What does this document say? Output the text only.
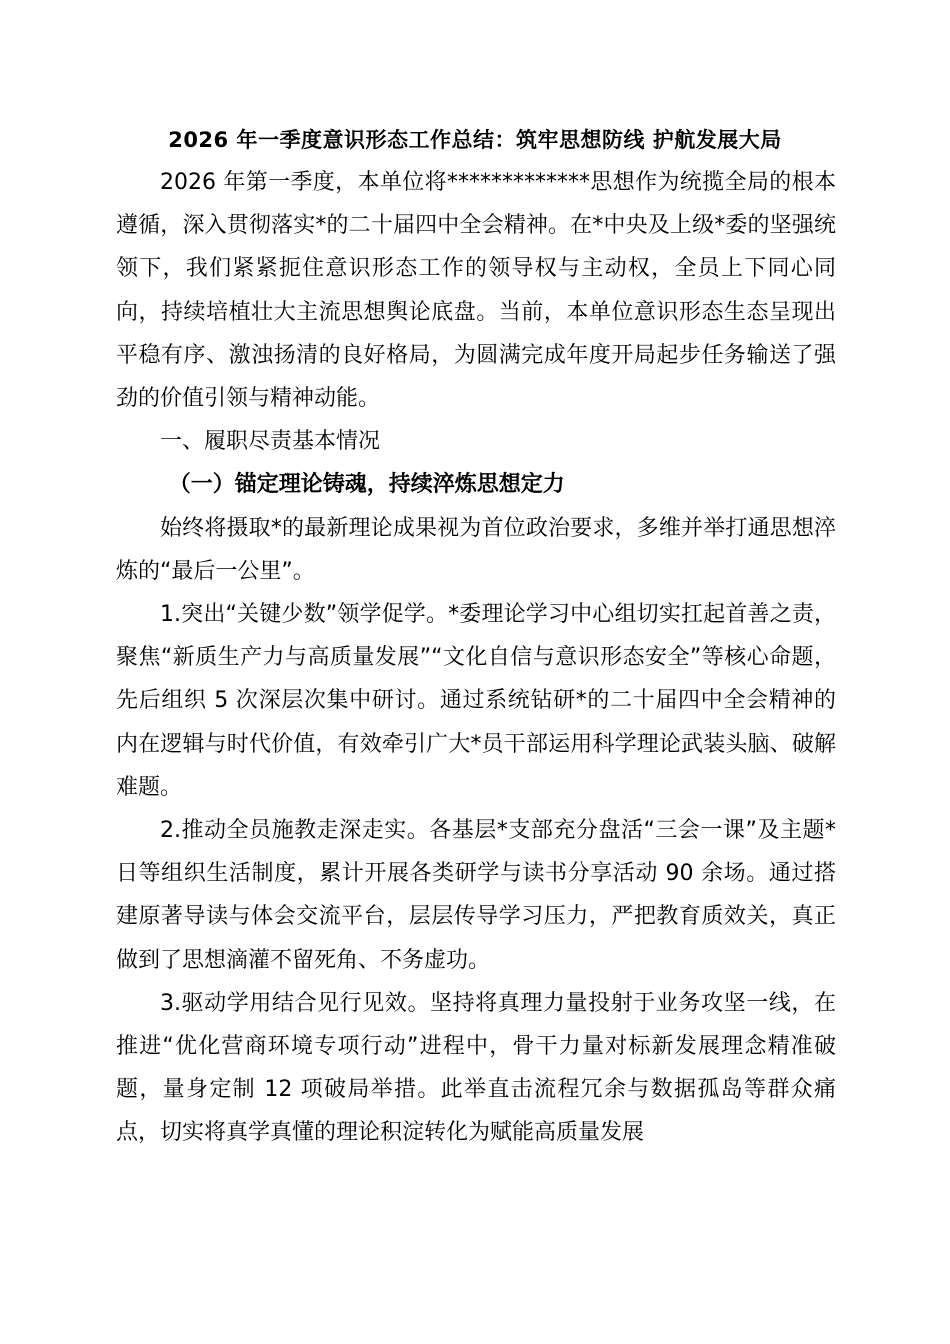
2026 年一季度意识形态工作总结：筑牢思想防线 护航发展大局

2026 年第一季度，本单位将*************思想作为统揽全局的根本遵循，深入贯彻落实*的二十届四中全会精神。在*中央及上级*委的坚强统领下，我们紧紧扼住意识形态工作的领导权与主动权，全员上下同心同向，持续培植壮大主流思想舆论底盘。当前，本单位意识形态生态呈现出平稳有序、激浊扬清的良好格局，为圆满完成年度开局起步任务输送了强劲的价值引领与精神动能。

一、履职尽责基本情况

（一）锚定理论铸魂，持续淬炼思想定力

始终将摄取*的最新理论成果视为首位政治要求，多维并举打通思想淬炼的“最后一公里”。

1.突出“关键少数”领学促学。*委理论学习中心组切实扛起首善之责，聚焦“新质生产力与高质量发展”“文化自信与意识形态安全”等核心命题，先后组织 5 次深层次集中研讨。通过系统钻研*的二十届四中全会精神的内在逻辑与时代价值，有效牵引广大*员干部运用科学理论武装头脑、破解难题。

2.推动全员施教走深走实。各基层*支部充分盘活“三会一课”及主题*日等组织生活制度，累计开展各类研学与读书分享活动 90 余场。通过搭建原著导读与体会交流平台，层层传导学习压力，严把教育质效关，真正做到了思想滴灌不留死角、不务虚功。

3.驱动学用结合见行见效。坚持将真理力量投射于业务攻坚一线，在推进“优化营商环境专项行动”进程中，骨干力量对标新发展理念精准破题，量身定制 12 项破局举措。此举直击流程冗余与数据孤岛等群众痛点，切实将真学真懂的理论积淀转化为赋能高质量发展
